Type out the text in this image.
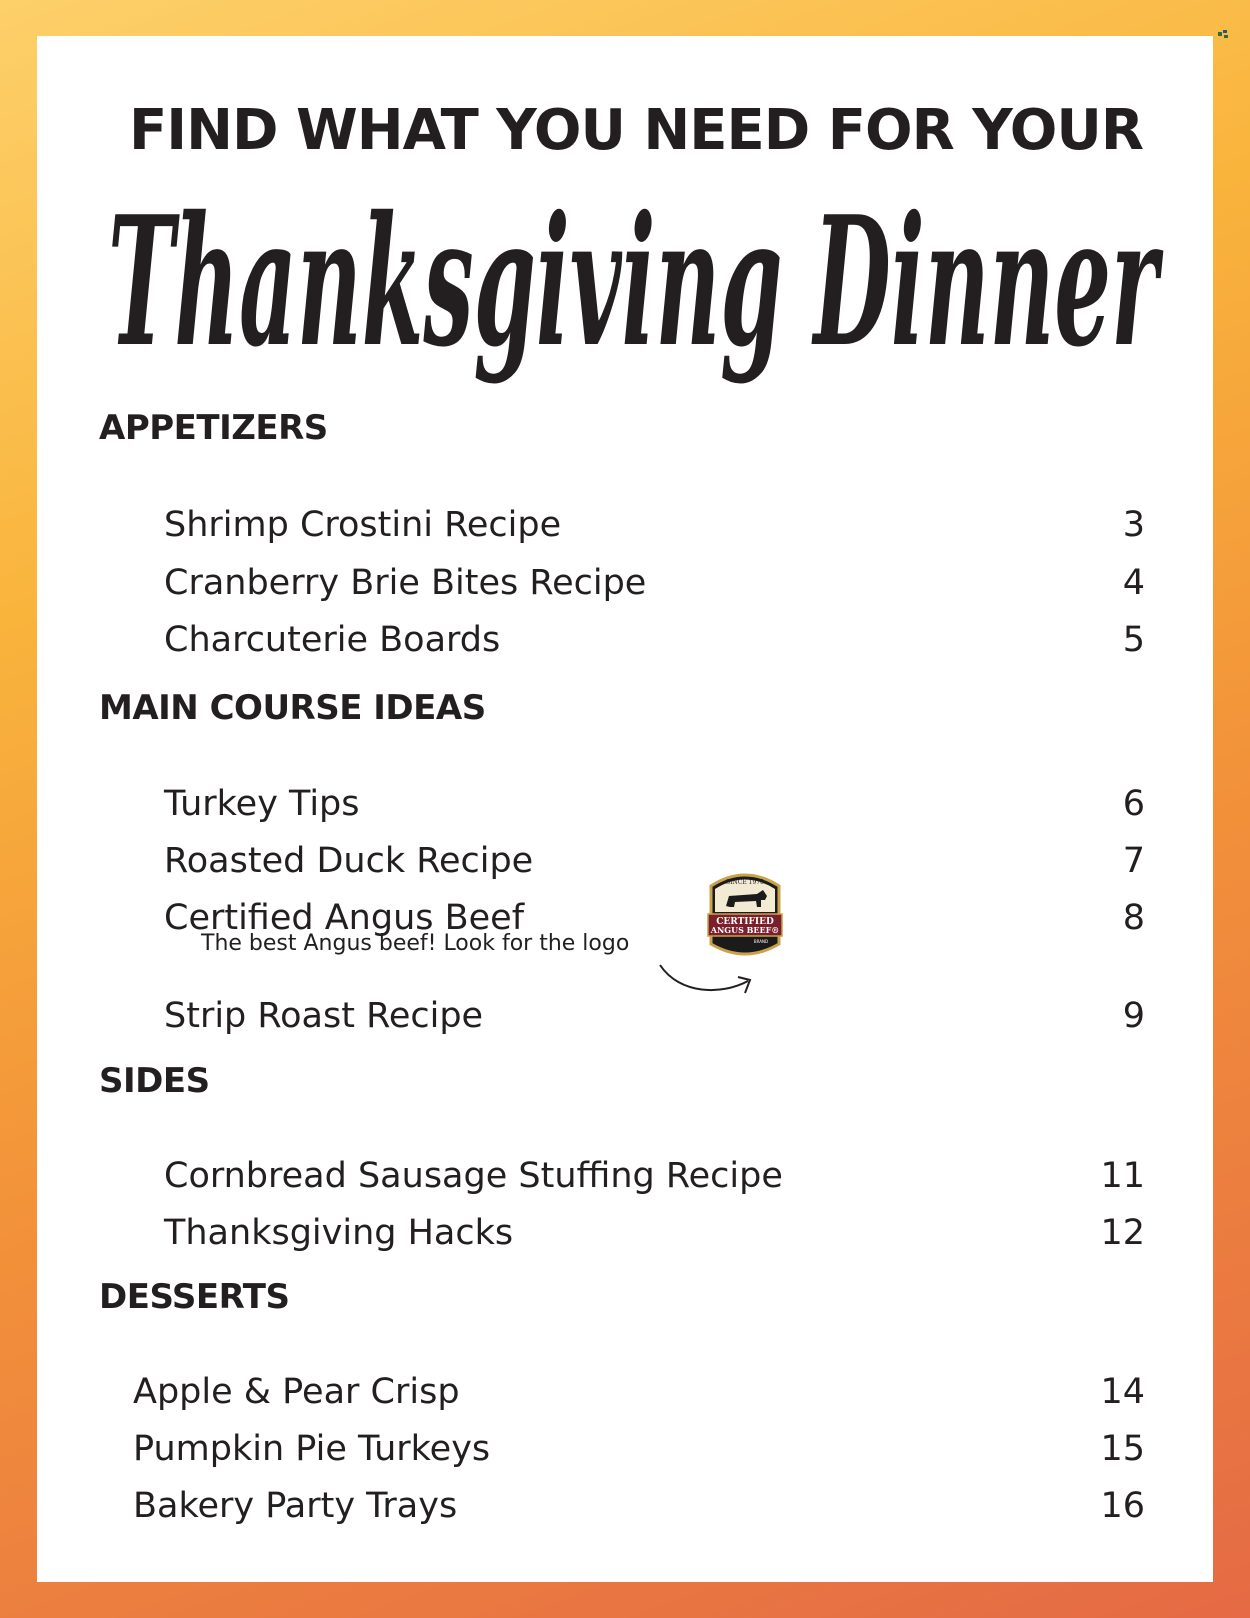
FIND WHAT YOU NEED FOR YOUR
Thanksgiving Dinner
APPETIZERS
Shrimp Crostini Recipe	3
Cranberry Brie Bites Recipe	4
Charcuterie Boards	5
MAIN COURSE IDEAS
Turkey Tips	6
Roasted Duck Recipe	7
Certified Angus Beef	8
The best Angus beef! Look for the logo
SINCE 1978
CERTIFIED
ANGUS BEEF®
BRAND
Strip Roast Recipe	9
SIDES
Cornbread Sausage Stuffing Recipe	11
Thanksgiving Hacks	12
DESSERTS
Apple & Pear Crisp	14
Pumpkin Pie Turkeys	15
Bakery Party Trays	16
